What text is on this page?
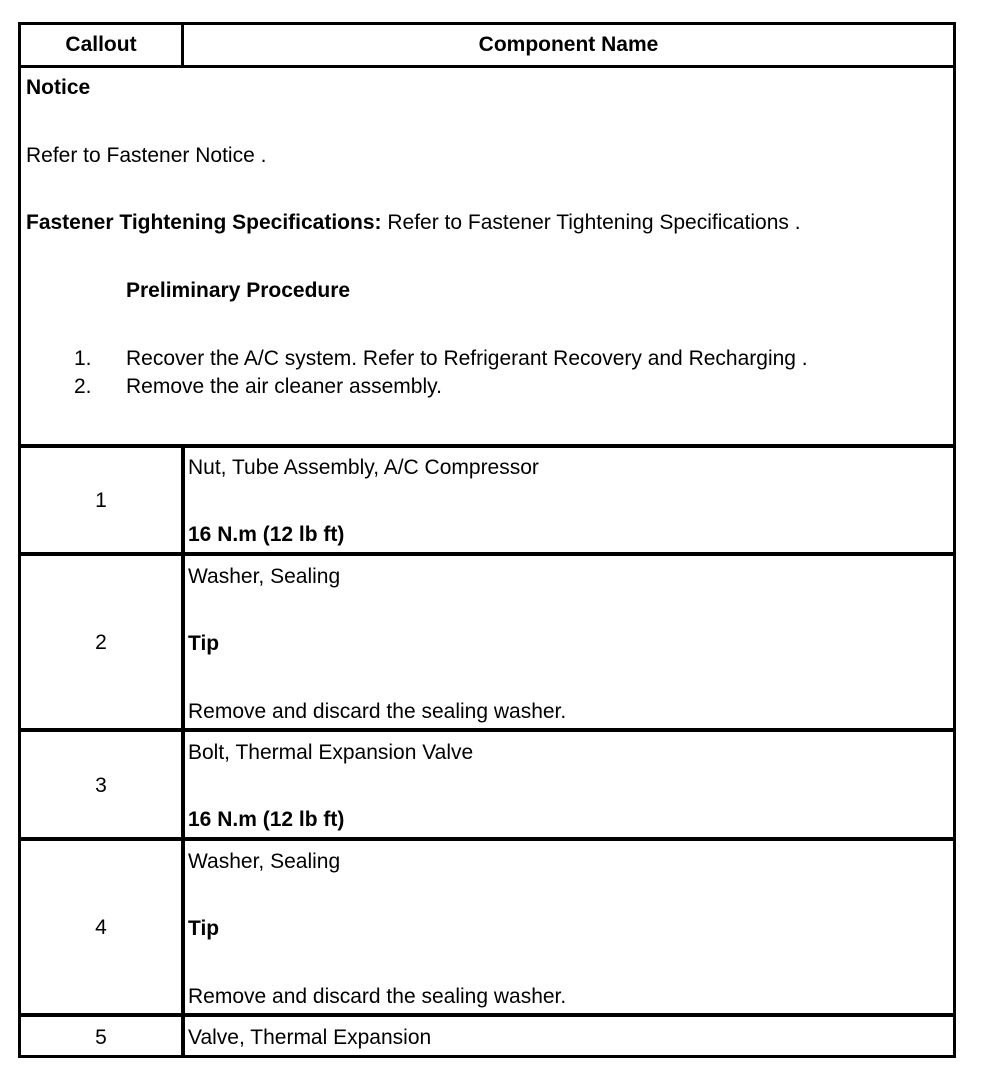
Callout	Component Name
Notice
Refer to Fastener Notice .
Fastener Tightening Specifications: Refer to Fastener Tightening Specifications .
Preliminary Procedure
1. Recover the A/C system. Refer to Refrigerant Recovery and Recharging .
2. Remove the air cleaner assembly.
1
Nut, Tube Assembly, A/C Compressor
16 N.m (12 lb ft)
2
Washer, Sealing
Tip
Remove and discard the sealing washer.
3
Bolt, Thermal Expansion Valve
16 N.m (12 lb ft)
4
Washer, Sealing
Tip
Remove and discard the sealing washer.
5	Valve, Thermal Expansion
